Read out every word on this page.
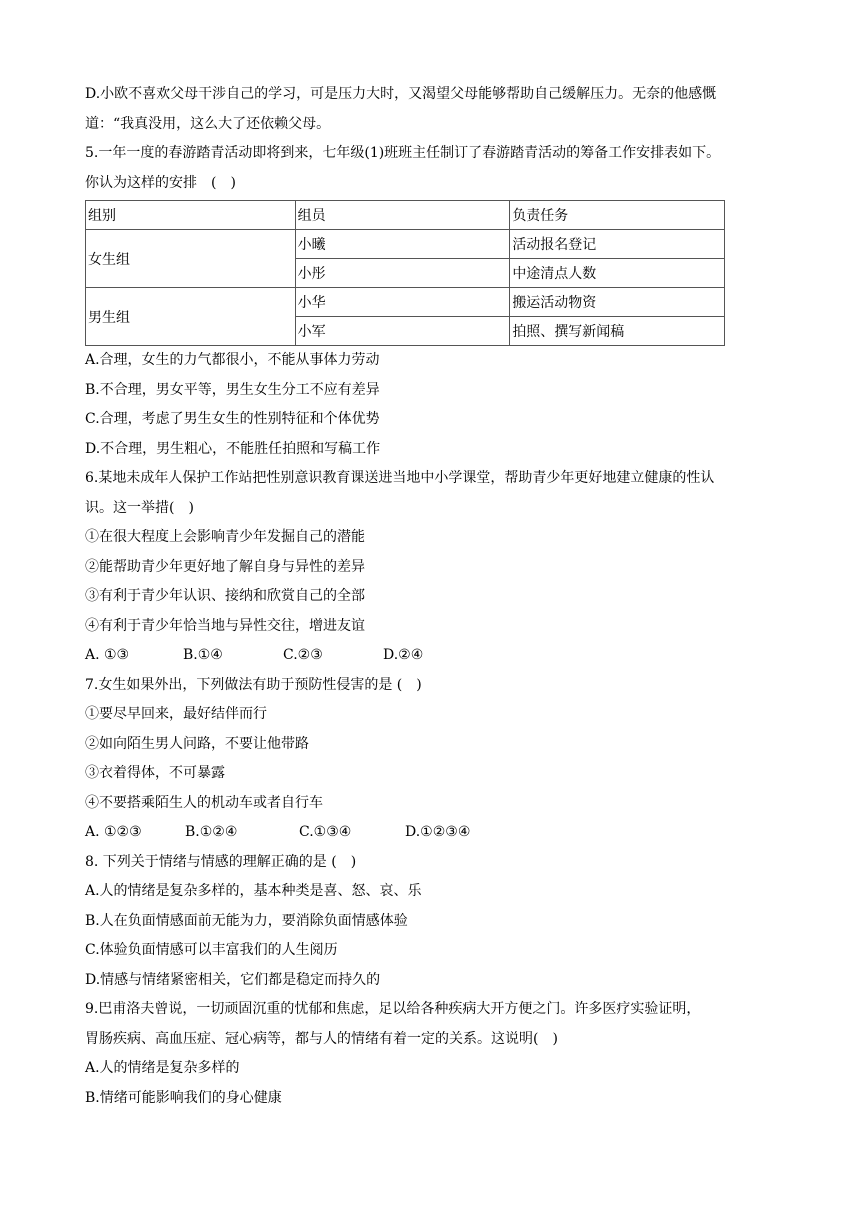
D.小欧不喜欢父母干涉自己的学习，可是压力大时，又渴望父母能够帮助自己缓解压力。无奈的他感慨
道：“我真没用，这么大了还依赖父母。
5.一年一度的春游踏青活动即将到来，七年级(1)班班主任制订了春游踏青活动的筹备工作安排表如下。
你认为这样的安排　(　)
组别	组员	负责任务
女生组	小曦	活动报名登记
	小彤	中途清点人数
男生组	小华	搬运活动物资
	小军	拍照、撰写新闻稿
A.合理，女生的力气都很小，不能从事体力劳动
B.不合理，男女平等，男生女生分工不应有差异
C.合理，考虑了男生女生的性别特征和个体优势
D.不合理，男生粗心，不能胜任拍照和写稿工作
6.某地未成年人保护工作站把性别意识教育课送进当地中小学课堂，帮助青少年更好地建立健康的性认
识。这一举措(　)
①在很大程度上会影响青少年发掘自己的潜能
②能帮助青少年更好地了解自身与异性的差异
③有利于青少年认识、接纳和欣赏自己的全部
④有利于青少年恰当地与异性交往，增进友谊
A. ①③	B.①④	C.②③	D.②④
7.女生如果外出，下列做法有助于预防性侵害的是 (　)
①要尽早回来，最好结伴而行
②如向陌生男人问路，不要让他带路
③衣着得体，不可暴露
④不要搭乘陌生人的机动车或者自行车
A. ①②③	B.①②④	C.①③④	D.①②③④
8. 下列关于情绪与情感的理解正确的是 (　)
A.人的情绪是复杂多样的，基本种类是喜、怒、哀、乐
B.人在负面情感面前无能为力，要消除负面情感体验
C.体验负面情感可以丰富我们的人生阅历
D.情感与情绪紧密相关，它们都是稳定而持久的
9.巴甫洛夫曾说，一切顽固沉重的忧郁和焦虑，足以给各种疾病大开方便之门。许多医疗实验证明，
胃肠疾病、高血压症、冠心病等，都与人的情绪有着一定的关系。这说明(　)
A.人的情绪是复杂多样的
B.情绪可能影响我们的身心健康
